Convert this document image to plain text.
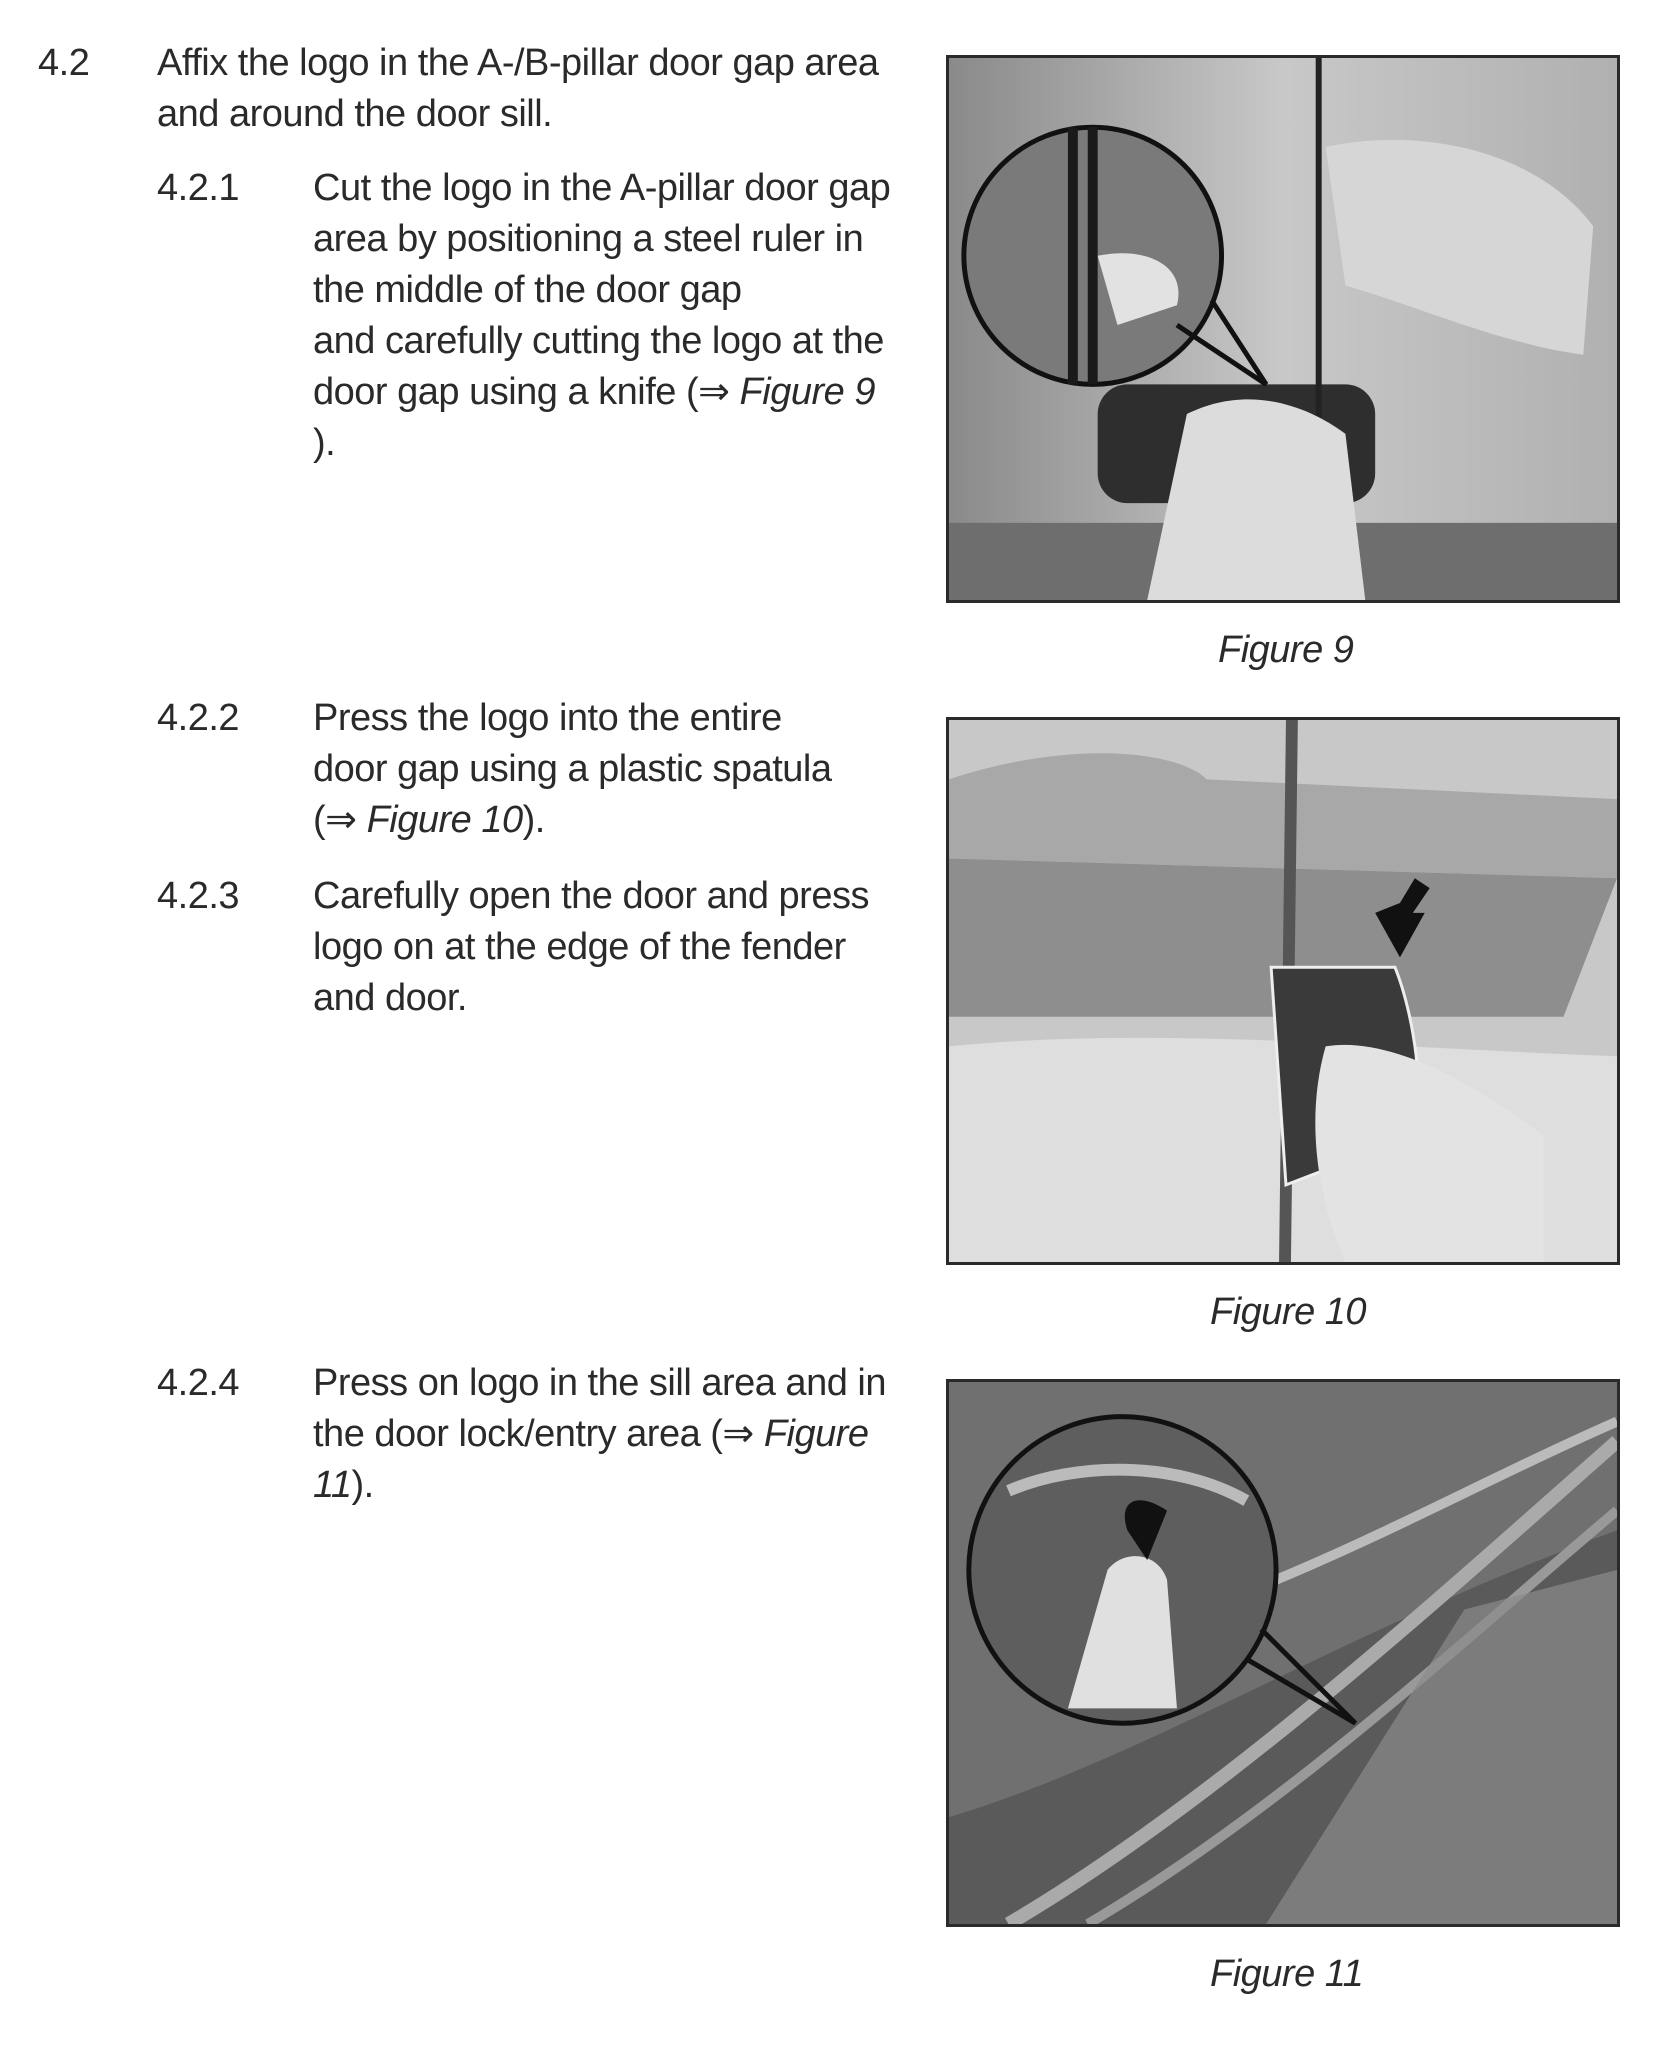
4.2 Affix the logo in the A-/B-pillar door gap area and around the door sill.
4.2.1 Cut the logo in the A-pillar door gap
area by positioning a steel ruler in
the middle of the door gap
and carefully cutting the logo at the
door gap using a knife (⇒ Figure 9 ).
4.2.2 Press the logo into the entire
door gap using a plastic spatula
(⇒ Figure 10).
4.2.3 Carefully open the door and press
logo on at the edge of the fender
and door.
4.2.4 Press on logo in the sill area and in
the door lock/entry area (⇒ Figure
11).
Figure 9
Figure 10
Figure 11
